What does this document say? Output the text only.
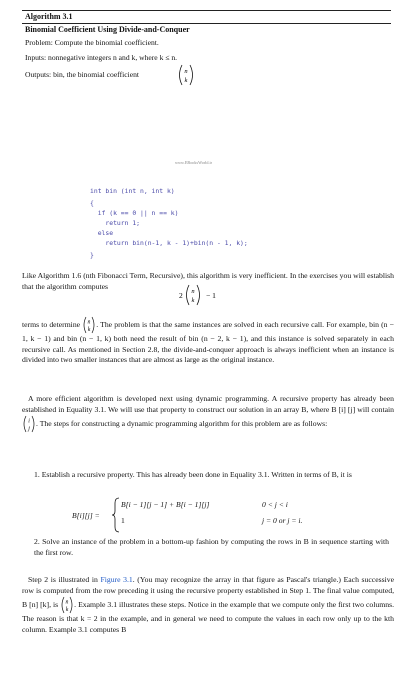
Algorithm 3.1
Binomial Coefficient Using Divide-and-Conquer
Problem: Compute the binomial coefficient.
Inputs: nonnegative integers n and k, where k ≤ n.
Outputs: bin, the binomial coefficient	n
k
www.EBooksWorld.ir
int bin (int n, int k)
{
if (k == 0 || n == k)
return 1;
else
return bin(n-1, k - 1)+bin(n - 1, k);
}
Like Algorithm 1.6 (nth Fibonacci Term, Recursive), this algorithm is very inefficient. In the exercises you will establish that the algorithm computes
2 n
k
− 1
terms to determine n
k
. The problem is that the same instances are solved in each recursive call. For example, bin (n − 1, k − 1) and bin (n − 1, k) both need the result of bin (n − 2, k − 1), and this instance is solved separately in each recursive call. As mentioned in Section 2.8, the divide-and-conquer approach is always inefficient when an instance is divided into two smaller instances that are almost as large as the original instance.
A more efficient algorithm is developed next using dynamic programming. A recursive property has already been established in Equality 3.1. We will use that property to construct our solution in an array B, where B [i] [j] will contain
i
j
. The steps for constructing a dynamic programming algorithm for this problem are as follows:
1. Establish a recursive property. This has already been done in Equality 3.1. Written in terms of B, it is
B[i][j] =
B[i − 1][j − 1] + B[i − 1][j]
1
0 < j < i
j = 0 or j = i.
2. Solve an instance of the problem in a bottom-up fashion by computing the rows in B in sequence starting with the first row.
Step 2 is illustrated in Figure 3.1. (You may recognize the array in that figure as Pascal's triangle.) Each successive row is computed from the row preceding it using the recursive property established in Step 1. The final value computed, B [n] [k], is n
k
. Example 3.1 illustrates these steps. Notice in the example that we compute only the first two columns. The reason is that k = 2 in the example, and in general we need to compute the values in each row only up to the kth column. Example 3.1 computes B
